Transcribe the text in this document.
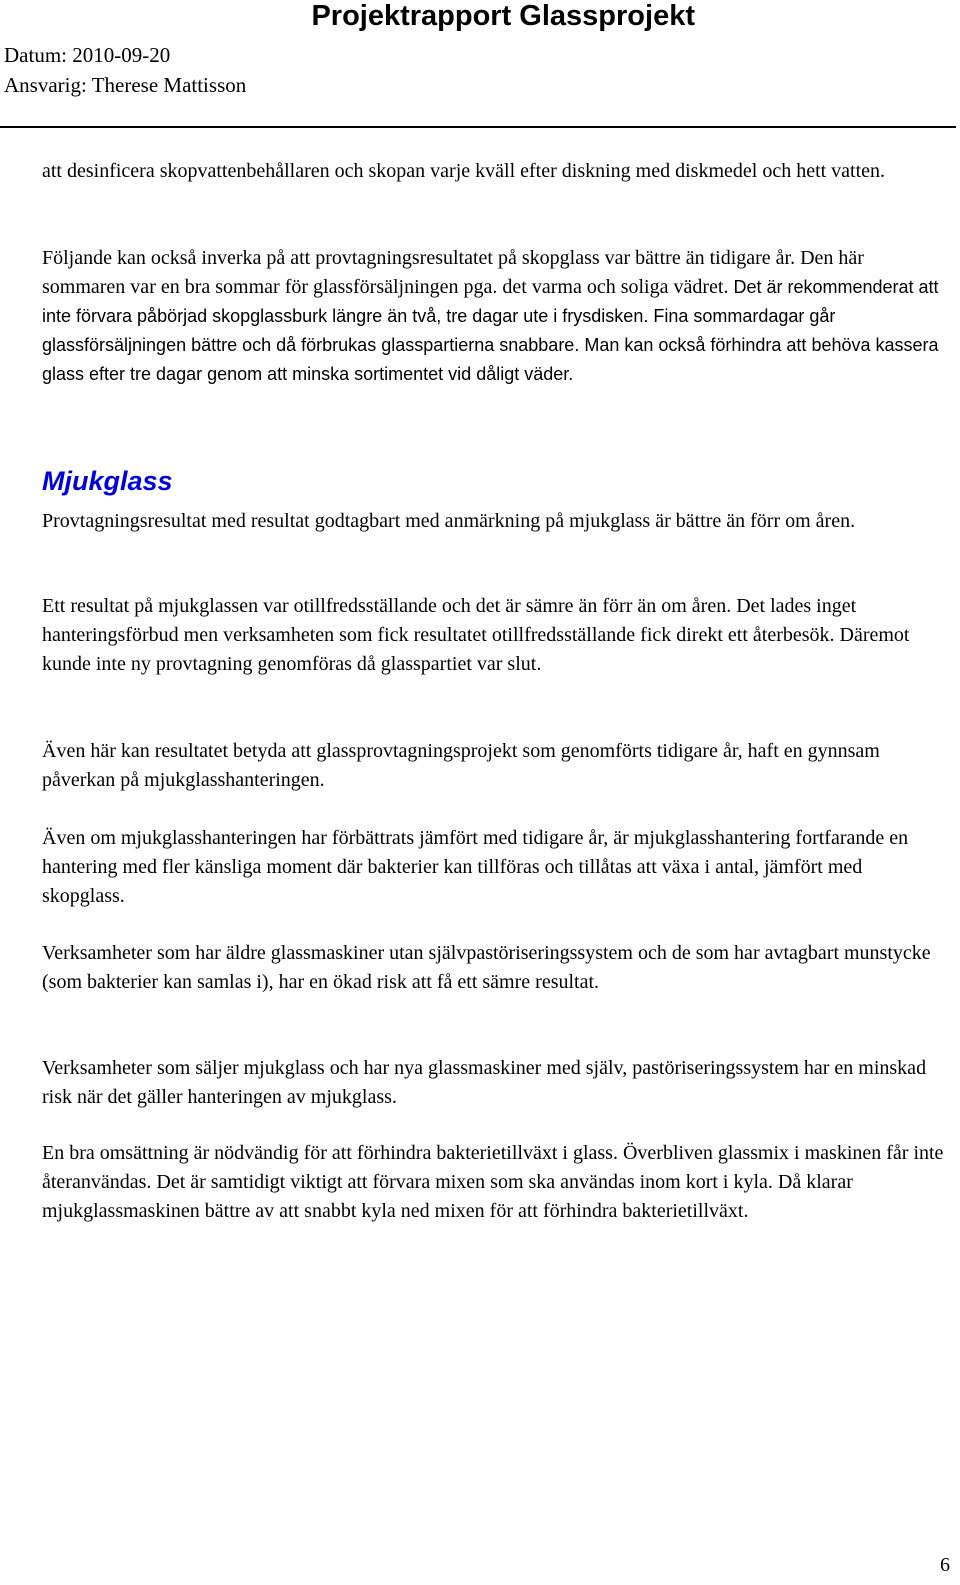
Projektrapport Glassprojekt
Datum: 2010-09-20
Ansvarig: Therese Mattisson

att desinficera skopvattenbehållaren och skopan varje kväll efter diskning med diskmedel och hett vatten.

Följande kan också inverka på att provtagningsresultatet på skopglass var bättre än tidigare år. Den här sommaren var en bra sommar för glassförsäljningen pga. det varma och soliga vädret. Det är rekommenderat att inte förvara påbörjad skopglassburk längre än två, tre dagar ute i frysdisken. Fina sommardagar går glassförsäljningen bättre och då förbrukas glasspartierna snabbare. Man kan också förhindra att behöva kassera glass efter tre dagar genom att minska sortimentet vid dåligt väder.

Mjukglass

Provtagningsresultat med resultat godtagbart med anmärkning på mjukglass är bättre än förr om åren.

Ett resultat på mjukglassen var otillfredsställande och det är sämre än förr än om åren. Det lades inget hanteringsförbud men verksamheten som fick resultatet otillfredsställande fick direkt ett återbesök. Däremot kunde inte ny provtagning genomföras då glasspartiet var slut.

Även här kan resultatet betyda att glassprovtagningsprojekt som genomförts tidigare år, haft en gynnsam påverkan på mjukglasshanteringen.

Även om mjukglasshanteringen har förbättrats jämfört med tidigare år, är mjukglasshantering fortfarande en hantering med fler känsliga moment där bakterier kan tillföras och tillåtas att växa i antal, jämfört med skopglass.

Verksamheter som har äldre glassmaskiner utan självpastöriseringssystem och de som har avtagbart munstycke (som bakterier kan samlas i), har en ökad risk att få ett sämre resultat.

Verksamheter som säljer mjukglass och har nya glassmaskiner med själv, pastöriseringssystem har en minskad risk när det gäller hanteringen av mjukglass.

En bra omsättning är nödvändig för att förhindra bakterietillväxt i glass. Överbliven glassmix i maskinen får inte återanvändas. Det är samtidigt viktigt att förvara mixen som ska användas inom kort i kyla. Då klarar mjukglassmaskinen bättre av att snabbt kyla ned mixen för att förhindra bakterietillväxt.

6
